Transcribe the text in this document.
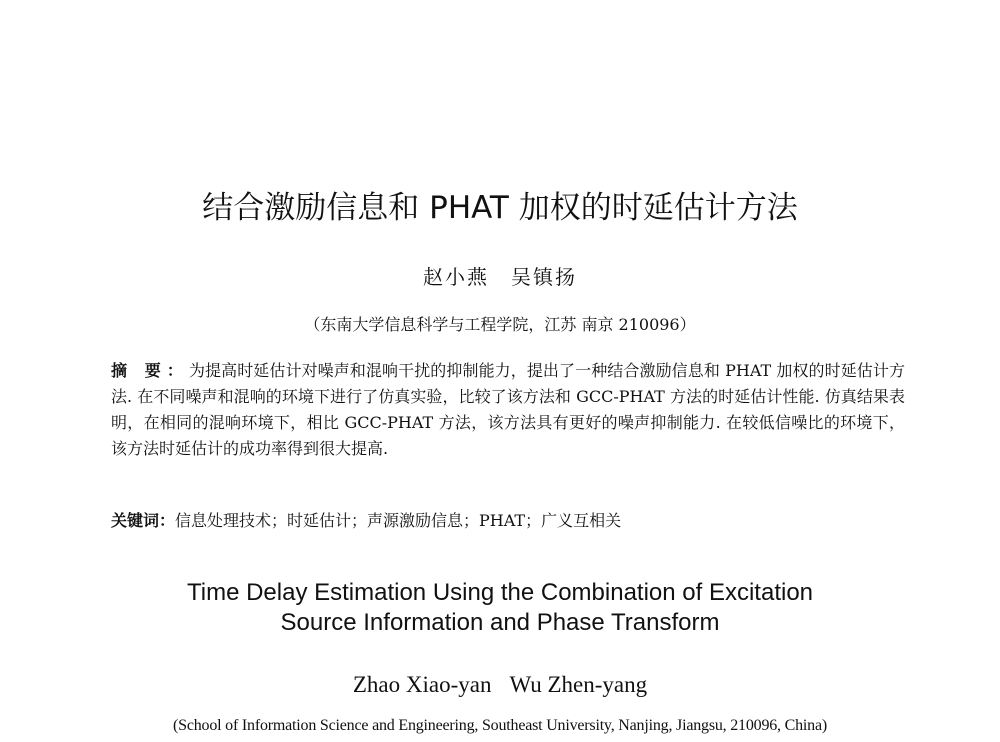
结合激励信息和 PHAT 加权的时延估计方法
赵小燕 吴镇扬
（东南大学信息科学与工程学院，江苏 南京 210096）
摘 要：为提高时延估计对噪声和混响干扰的抑制能力，提出了一种结合激励信息和 PHAT 加权的时延估计方法. 在不同噪声和混响的环境下进行了仿真实验，比较了该方法和 GCC-PHAT 方法的时延估计性能. 仿真结果表明，在相同的混响环境下，相比 GCC-PHAT 方法，该方法具有更好的噪声抑制能力. 在较低信噪比的环境下，该方法时延估计的成功率得到很大提高.
关键词：信息处理技术；时延估计；声源激励信息；PHAT；广义互相关
Time Delay Estimation Using the Combination of Excitation
Source Information and Phase Transform
Zhao Xiao-yan Wu Zhen-yang
(School of Information Science and Engineering, Southeast University, Nanjing, Jiangsu, 210096, China)
